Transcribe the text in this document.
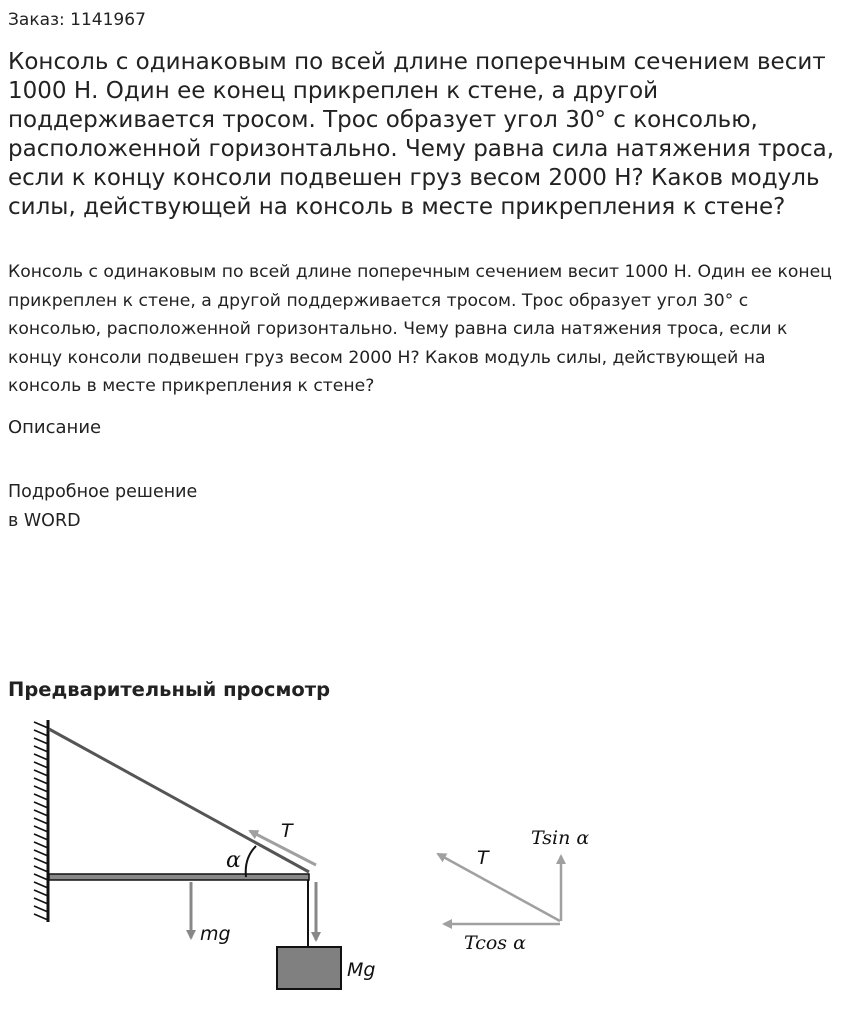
Заказ: 1141967

Консоль с одинаковым по всей длине поперечным сечением весит 1000 Н. Один ее конец прикреплен к стене, а другой поддерживается тросом. Трос образует угол 30° с консолью, расположенной горизонтально. Чему равна сила натяжения троса, если к концу консоли подвешен груз весом 2000 Н? Каков модуль силы, действующей на консоль в месте прикрепления к стене?

Консоль с одинаковым по всей длине поперечным сечением весит 1000 Н. Один ее конец прикреплен к стене, а другой поддерживается тросом. Трос образует угол 30° с консолью, расположенной горизонтально. Чему равна сила натяжения троса, если к концу консоли подвешен груз весом 2000 Н? Каков модуль силы, действующей на консоль в месте прикрепления к стене?

Описание

Подробное решение
в WORD

Предварительный просмотр
α
T
mg
Mg
T
Tsin α
Tcos α
